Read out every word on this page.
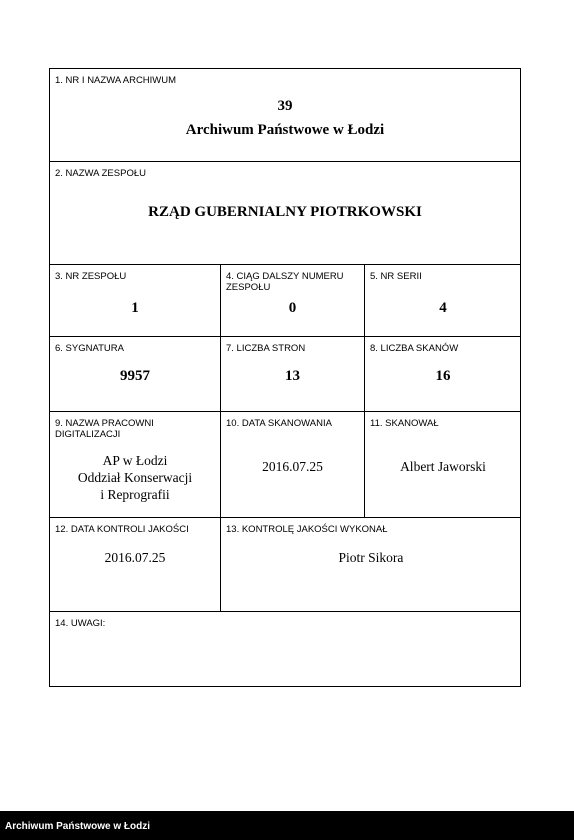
1. NR I NAZWA ARCHIWUM
39
Archiwum Państwowe w Łodzi
2. NAZWA ZESPOŁU
RZĄD GUBERNIALNY PIOTRKOWSKI
3. NR ZESPOŁU
1
4. CIĄG DALSZY NUMERU ZESPOŁU
0
5. NR SERII
4
6. SYGNATURA
9957
7. LICZBA STRON
13
8. LICZBA SKANÓW
16
9. NAZWA PRACOWNI DIGITALIZACJI
AP w Łodzi
Oddział Konserwacji
i Reprografii
10. DATA SKANOWANIA
2016.07.25
11. SKANOWAŁ
Albert Jaworski
12. DATA KONTROLI JAKOŚCI
2016.07.25
13. KONTROLĘ JAKOŚCI WYKONAŁ
Piotr Sikora
14. UWAGI:
Archiwum Państwowe w Łodzi
